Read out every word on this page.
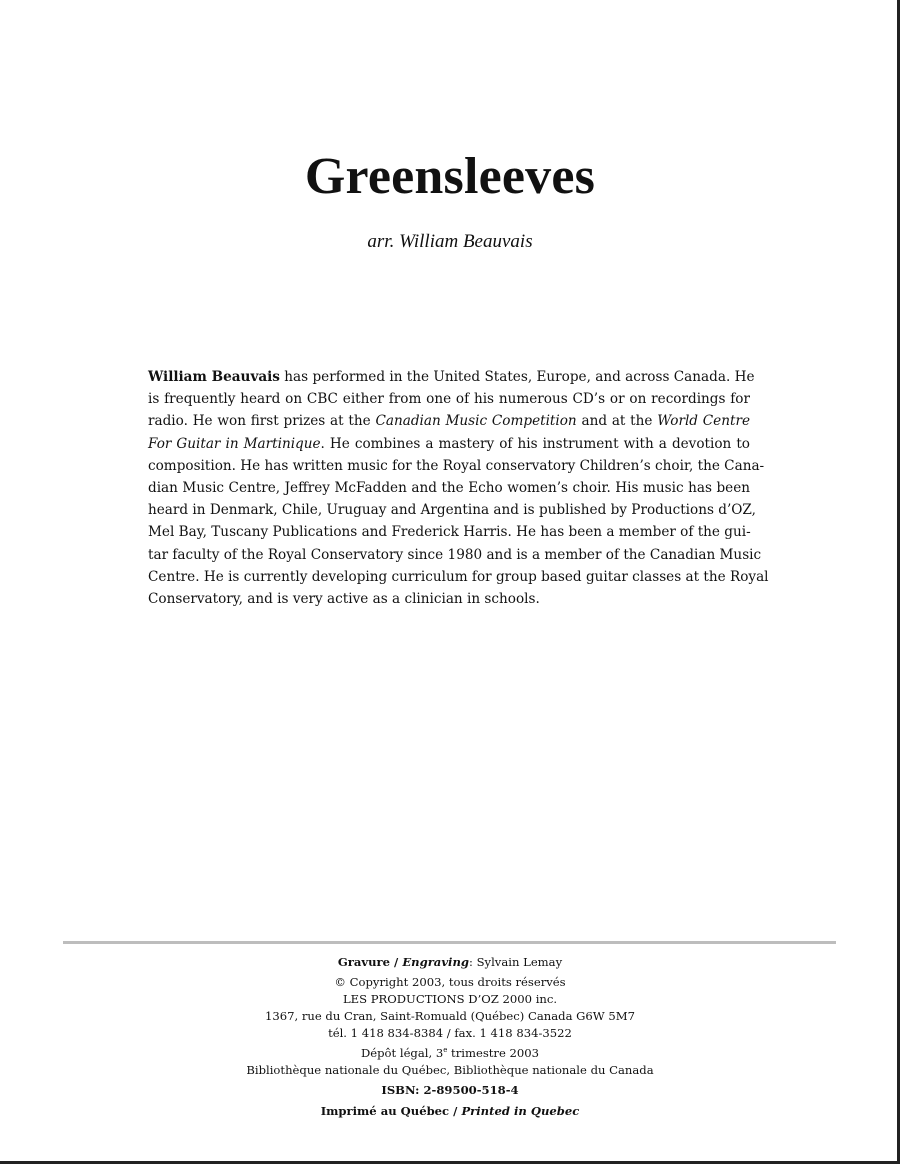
Greensleeves
arr. William Beauvais
William Beauvais has performed in the United States, Europe, and across Canada. He
is frequently heard on CBC either from one of his numerous CD’s or on recordings for
radio. He won first prizes at the Canadian Music Competition and at the World Centre
For Guitar in Martinique. He combines a mastery of his instrument with a devotion to
composition. He has written music for the Royal conservatory Children’s choir, the Cana-
dian Music Centre, Jeffrey McFadden and the Echo women’s choir. His music has been
heard in Denmark, Chile, Uruguay and Argentina and is published by Productions d’OZ,
Mel Bay, Tuscany Publications and Frederick Harris. He has been a member of the gui-
tar faculty of the Royal Conservatory since 1980 and is a member of the Canadian Music
Centre. He is currently developing curriculum for group based guitar classes at the Royal
Conservatory, and is very active as a clinician in schools.
Gravure / Engraving: Sylvain Lemay
© Copyright 2003, tous droits réservés
LES PRODUCTIONS D’OZ 2000 inc.
1367, rue du Cran, Saint-Romuald (Québec) Canada G6W 5M7
tél. 1 418 834-8384 / fax. 1 418 834-3522
Dépôt légal, 3e trimestre 2003
Bibliothèque nationale du Québec, Bibliothèque nationale du Canada
ISBN: 2-89500-518-4
Imprimé au Québec / Printed in Quebec
